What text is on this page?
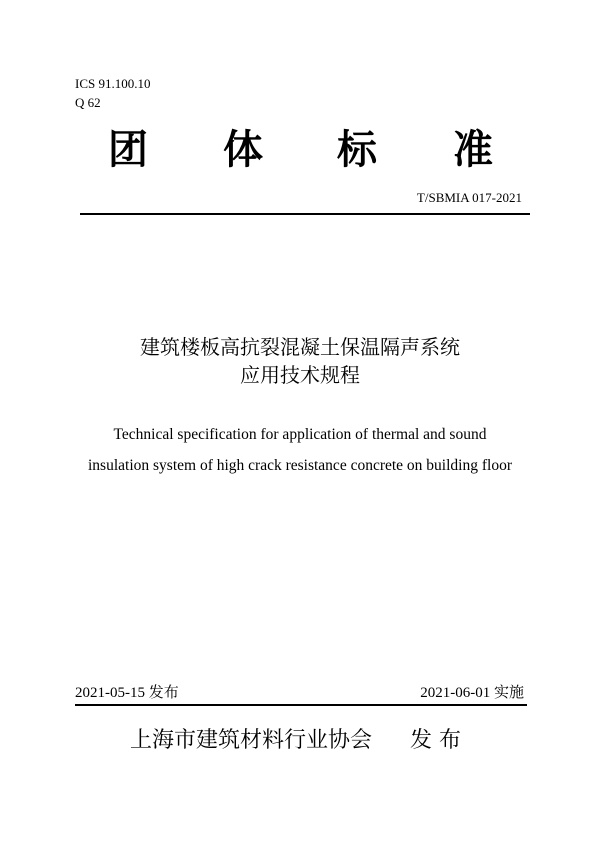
ICS 91.100.10
Q 62
团 体 标 准
T/SBMIA 017-2021
建筑楼板高抗裂混凝土保温隔声系统
应用技术规程
Technical specification for application of thermal and sound
insulation system of high crack resistance concrete on building floor
2021-05-15 发布	2021-06-01 实施
上海市建筑材料行业协会 发 布
